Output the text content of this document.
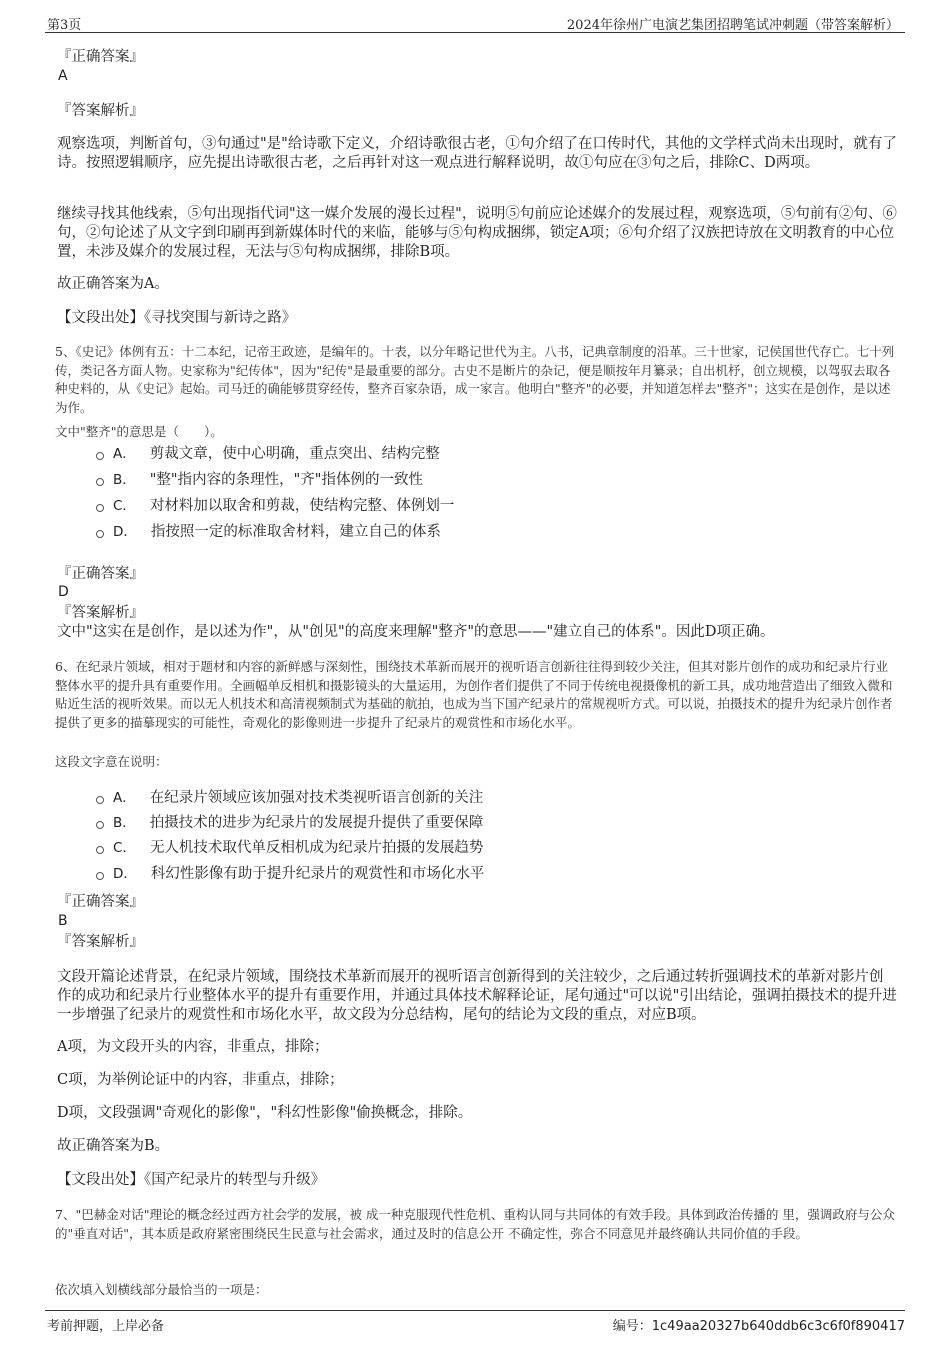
第3页	2024年徐州广电演艺集团招聘笔试冲刺题（带答案解析）
『正确答案』
A
『答案解析』
观察选项，判断首句，③句通过"是"给诗歌下定义，介绍诗歌很古老，①句介绍了在口传时代，其他的文学样式尚未出现时，就有了诗。按照逻辑顺序，应先提出诗歌很古老，之后再针对这一观点进行解释说明，故①句应在③句之后，排除C、D两项。
继续寻找其他线索，⑤句出现指代词"这一媒介发展的漫长过程"，说明⑤句前应论述媒介的发展过程，观察选项，⑤句前有②句、⑥句，②句论述了从文字到印刷再到新媒体时代的来临，能够与⑤句构成捆绑，锁定A项；⑥句介绍了汉族把诗放在文明教育的中心位置，未涉及媒介的发展过程，无法与⑤句构成捆绑，排除B项。
故正确答案为A。
【文段出处】《寻找突围与新诗之路》
5、《史记》体例有五：十二本纪，记帝王政迹，是编年的。十表，以分年略记世代为主。八书，记典章制度的沿革。三十世家，记侯国世代存亡。七十列传，类记各方面人物。史家称为"纪传体"，因为"纪传"是最重要的部分。古史不是断片的杂记，便是顺按年月纂录；自出机杼，创立规模，以驾驭去取各种史料的，从《史记》起始。司马迁的确能够贯穿经传，整齐百家杂语，成一家言。他明白"整齐"的必要，并知道怎样去"整齐"；这实在是创作，是以述为作。
文中"整齐"的意思是（　　）。
A． 剪裁文章，使中心明确，重点突出、结构完整
B． "整"指内容的条理性，"齐"指体例的一致性
C． 对材料加以取舍和剪裁，使结构完整、体例划一
D． 指按照一定的标准取舍材料，建立自己的体系
『正确答案』
D
『答案解析』
文中"这实在是创作，是以述为作"，从"创见"的高度来理解"整齐"的意思——"建立自己的体系"。因此D项正确。
6、在纪录片领域，相对于题材和内容的新鲜感与深刻性，围绕技术革新而展开的视听语言创新往往得到较少关注，但其对影片创作的成功和纪录片行业整体水平的提升具有重要作用。全画幅单反相机和摄影镜头的大量运用，为创作者们提供了不同于传统电视摄像机的新工具，成功地营造出了细致入微和贴近生活的视听效果。而以无人机技术和高清视频制式为基础的航拍，也成为当下国产纪录片的常规视听方式。可以说，拍摄技术的提升为纪录片创作者提供了更多的描摹现实的可能性，奇观化的影像则进一步提升了纪录片的观赏性和市场化水平。
这段文字意在说明：
A． 在纪录片领域应该加强对技术类视听语言创新的关注
B． 拍摄技术的进步为纪录片的发展提升提供了重要保障
C． 无人机技术取代单反相机成为纪录片拍摄的发展趋势
D． 科幻性影像有助于提升纪录片的观赏性和市场化水平
『正确答案』
B
『答案解析』
文段开篇论述背景，在纪录片领域，围绕技术革新而展开的视听语言创新得到的关注较少，之后通过转折强调技术的革新对影片创作的成功和纪录片行业整体水平的提升有重要作用，并通过具体技术解释论证，尾句通过"可以说"引出结论，强调拍摄技术的提升进一步增强了纪录片的观赏性和市场化水平，故文段为分总结构，尾句的结论为文段的重点，对应B项。
A项，为文段开头的内容，非重点，排除；
C项，为举例论证中的内容，非重点，排除；
D项，文段强调"奇观化的影像"，"科幻性影像"偷换概念，排除。
故正确答案为B。
【文段出处】《国产纪录片的转型与升级》
7、"巴赫金对话"理论的概念经过西方社会学的发展，被 成一种克服现代性危机、重构认同与共同体的有效手段。具体到政治传播的 里，强调政府与公众的"垂直对话"，其本质是政府紧密围绕民生民意与社会需求，通过及时的信息公开 不确定性，弥合不同意见并最终确认共同价值的手段。
依次填入划横线部分最恰当的一项是：
考前押题，上岸必备	编号：1c49aa20327b640ddb6c3c6f0f890417
